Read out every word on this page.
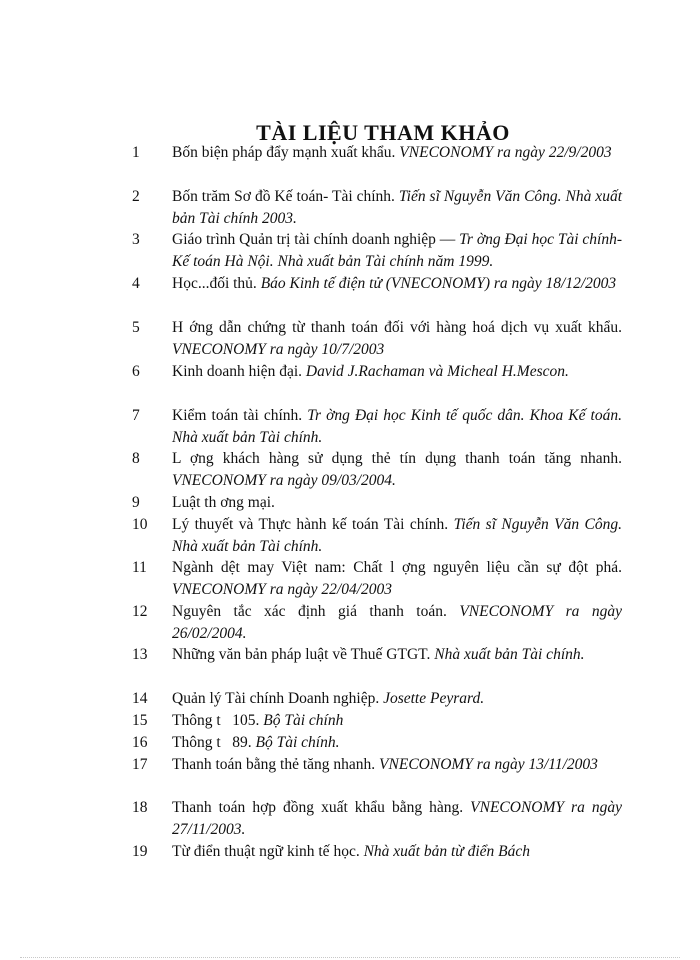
TÀI LIỆU THAM KHẢO
1	Bốn biện pháp đẩy mạnh xuất khẩu. VNECONOMY ra ngày 22/9/2003
2	Bốn trăm Sơ đồ Kế toán- Tài chính. Tiến sĩ Nguyễn Văn Công. Nhà xuất bản Tài chính 2003.
3	Giáo trình Quản trị tài chính doanh nghiệp — Tr ờng Đại học Tài chính- Kế toán Hà Nội. Nhà xuất bản Tài chính năm 1999.
4	Học...đối thủ. Báo Kinh tế điện tử (VNECONOMY) ra ngày 18/12/2003
5	H ớng dẫn chứng từ thanh toán đối với hàng hoá dịch vụ xuất khẩu. VNECONOMY ra ngày 10/7/2003
6	Kinh doanh hiện đại. David J.Rachaman và Micheal H.Mescon.
7	Kiểm toán tài chính. Tr ờng Đại học Kinh tế quốc dân. Khoa Kế toán. Nhà xuất bản Tài chính.
8	L ợng khách hàng sử dụng thẻ tín dụng thanh toán tăng nhanh. VNECONOMY ra ngày 09/03/2004.
9	Luật th ơng mại.
10	Lý thuyết và Thực hành kế toán Tài chính. Tiến sĩ Nguyễn Văn Công. Nhà xuất bản Tài chính.
11	Ngành dệt may Việt nam: Chất l ợng nguyên liệu cần sự đột phá. VNECONOMY ra ngày 22/04/2003
12	Nguyên tắc xác định giá thanh toán. VNECONOMY ra ngày 26/02/2004.
13	Những văn bản pháp luật về Thuế GTGT. Nhà xuất bản Tài chính.
14	Quản lý Tài chính Doanh nghiệp. Josette Peyrard.
15	Thông t   105. Bộ Tài chính
16	Thông t   89. Bộ Tài chính.
17	Thanh toán bằng thẻ tăng nhanh. VNECONOMY ra ngày 13/11/2003
18	Thanh toán hợp đồng xuất khẩu bằng hàng. VNECONOMY ra ngày 27/11/2003.
19	Từ điển thuật ngữ kinh tế học. Nhà xuất bản từ điển Bách
